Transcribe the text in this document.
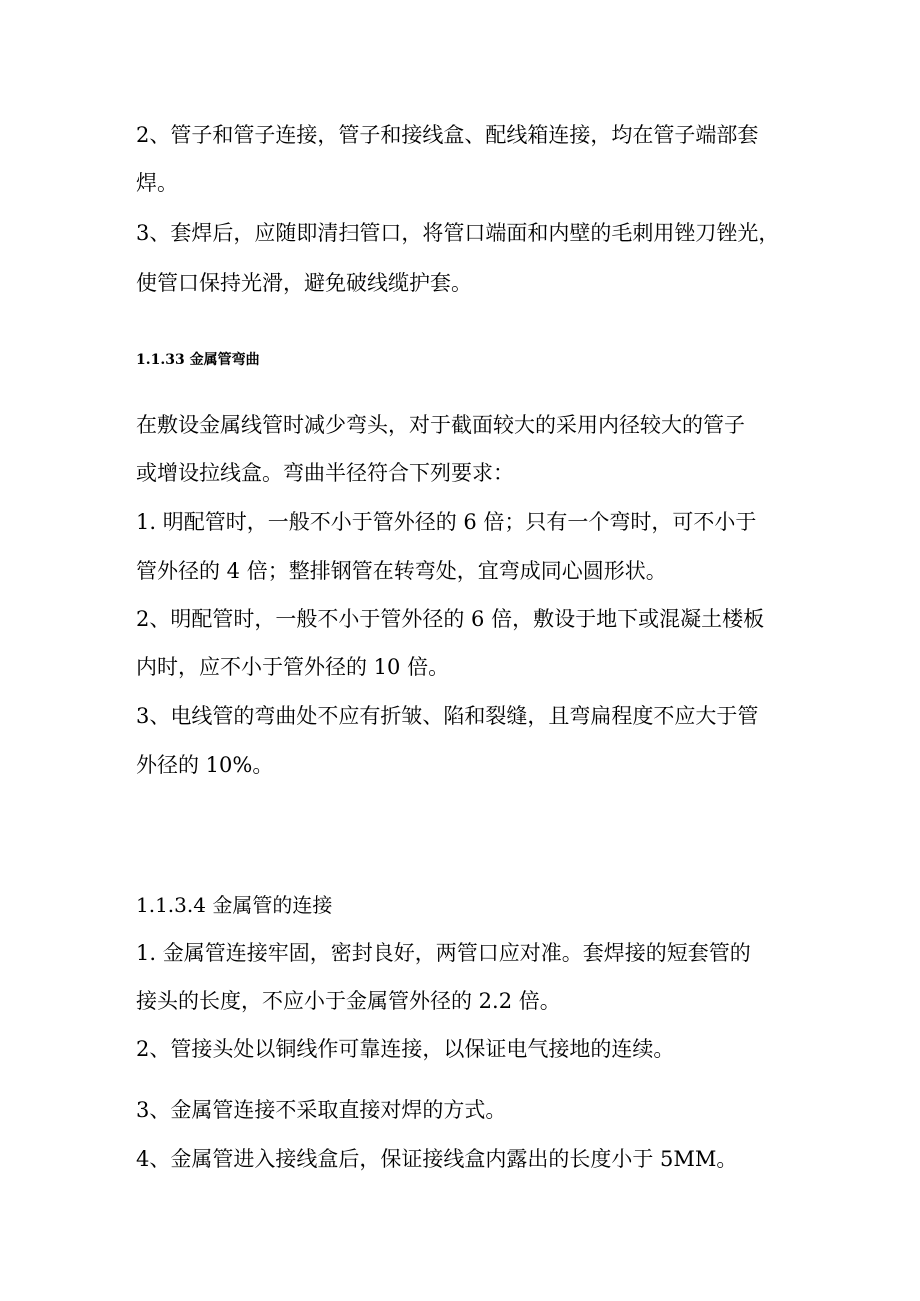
2、管子和管子连接，管子和接线盒、配线箱连接，均在管子端部套
焊。
3、套焊后，应随即清扫管口，将管口端面和内壁的毛刺用锉刀锉光，
使管口保持光滑，避免破线缆护套。
1.1.33 金属管弯曲
在敷设金属线管时减少弯头，对于截面较大的采用内径较大的管子
或增设拉线盒。弯曲半径符合下列要求：
1. 明配管时，一般不小于管外径的 6 倍；只有一个弯时，可不小于
管外径的 4 倍；整排钢管在转弯处，宜弯成同心圆形状。
2、明配管时，一般不小于管外径的 6 倍，敷设于地下或混凝土楼板
内时，应不小于管外径的 10 倍。
3、电线管的弯曲处不应有折皱、陷和裂缝，且弯扁程度不应大于管
外径的 10%。
1.1.3.4 金属管的连接
1. 金属管连接牢固，密封良好，两管口应对准。套焊接的短套管的
接头的长度，不应小于金属管外径的 2.2 倍。
2、管接头处以铜线作可靠连接，以保证电气接地的连续。
3、金属管连接不采取直接对焊的方式。
4、金属管进入接线盒后，保证接线盒内露出的长度小于 5MM。
